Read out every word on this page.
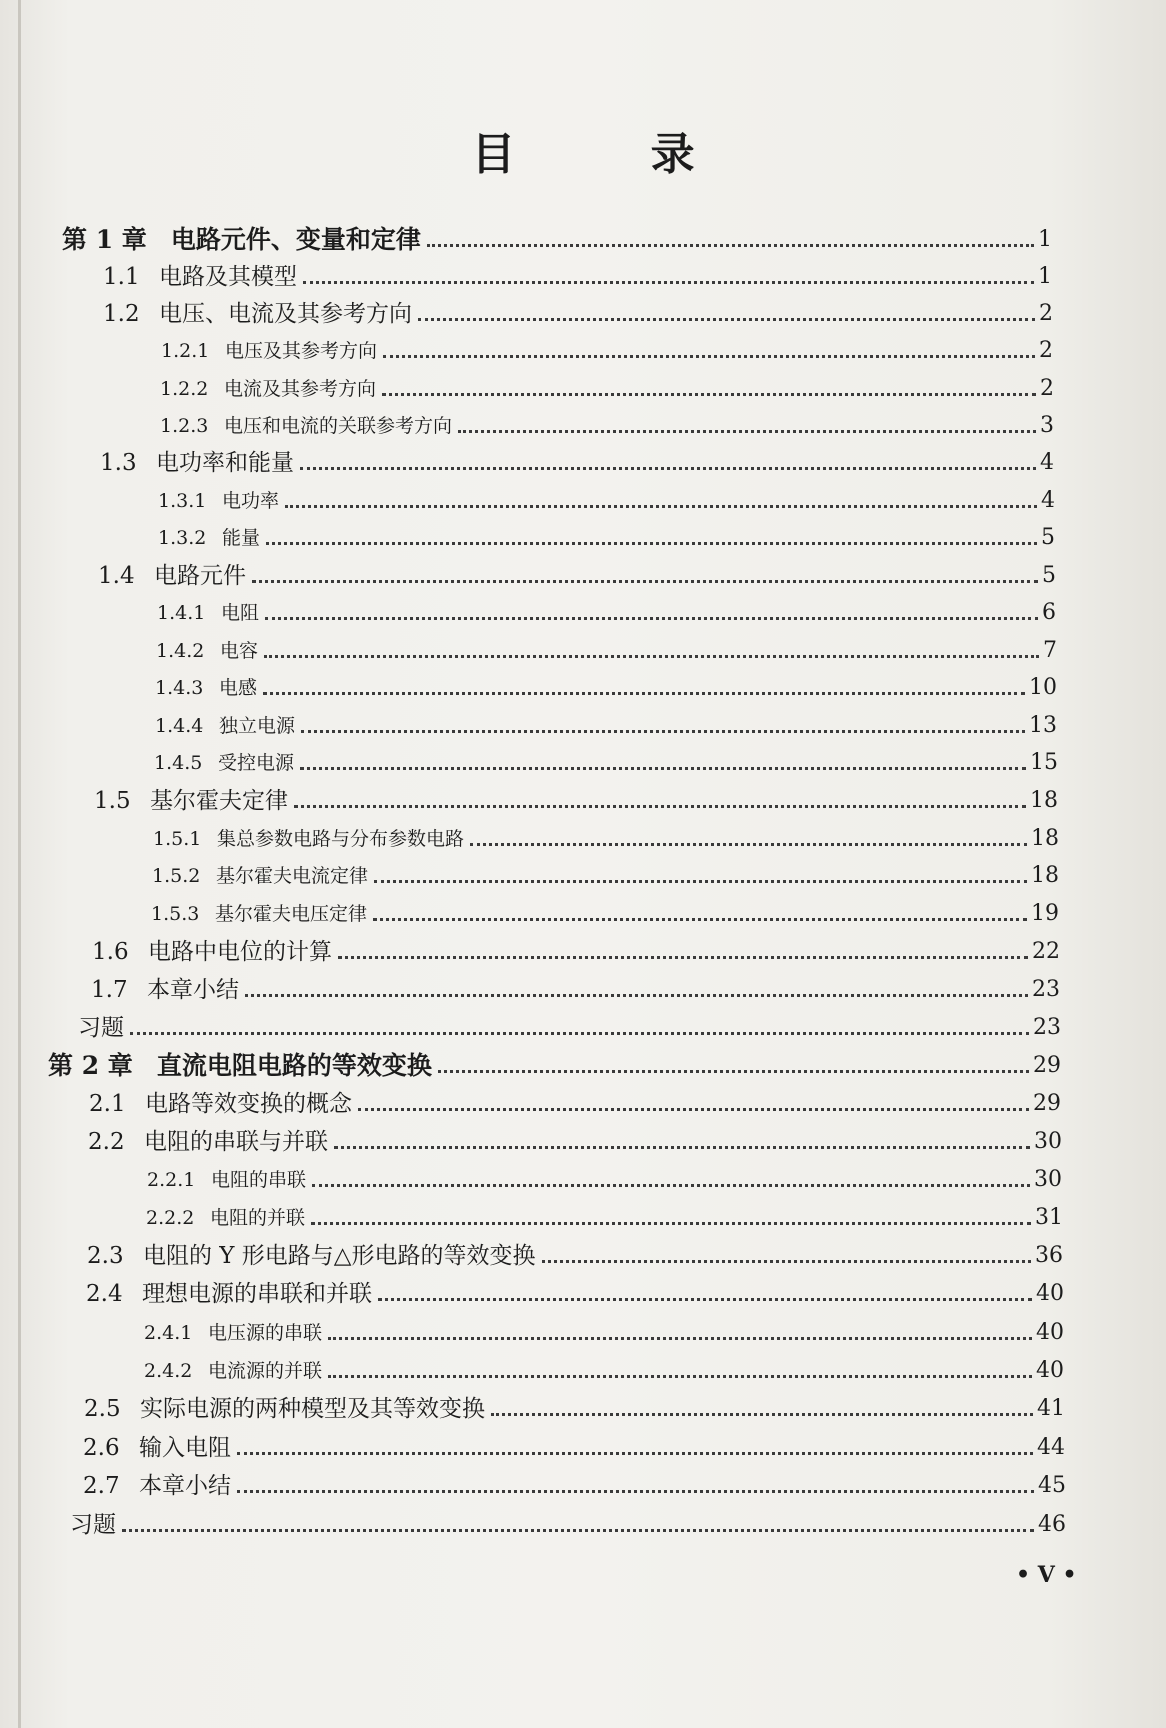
目 录
第 1 章 电路元件、变量和定律	1
1.1 电路及其模型	1
1.2 电压、电流及其参考方向	2
1.2.1 电压及其参考方向	2
1.2.2 电流及其参考方向	2
1.2.3 电压和电流的关联参考方向	3
1.3 电功率和能量	4
1.3.1 电功率	4
1.3.2 能量	5
1.4 电路元件	5
1.4.1 电阻	6
1.4.2 电容	7
1.4.3 电感	10
1.4.4 独立电源	13
1.4.5 受控电源	15
1.5 基尔霍夫定律	18
1.5.1 集总参数电路与分布参数电路	18
1.5.2 基尔霍夫电流定律	18
1.5.3 基尔霍夫电压定律	19
1.6 电路中电位的计算	22
1.7 本章小结	23
习题	23
第 2 章 直流电阻电路的等效变换	29
2.1 电路等效变换的概念	29
2.2 电阻的串联与并联	30
2.2.1 电阻的串联	30
2.2.2 电阻的并联	31
2.3 电阻的 Y 形电路与△形电路的等效变换	36
2.4 理想电源的串联和并联	40
2.4.1 电压源的串联	40
2.4.2 电流源的并联	40
2.5 实际电源的两种模型及其等效变换	41
2.6 输入电阻	44
2.7 本章小结	45
习题	46
• V •
